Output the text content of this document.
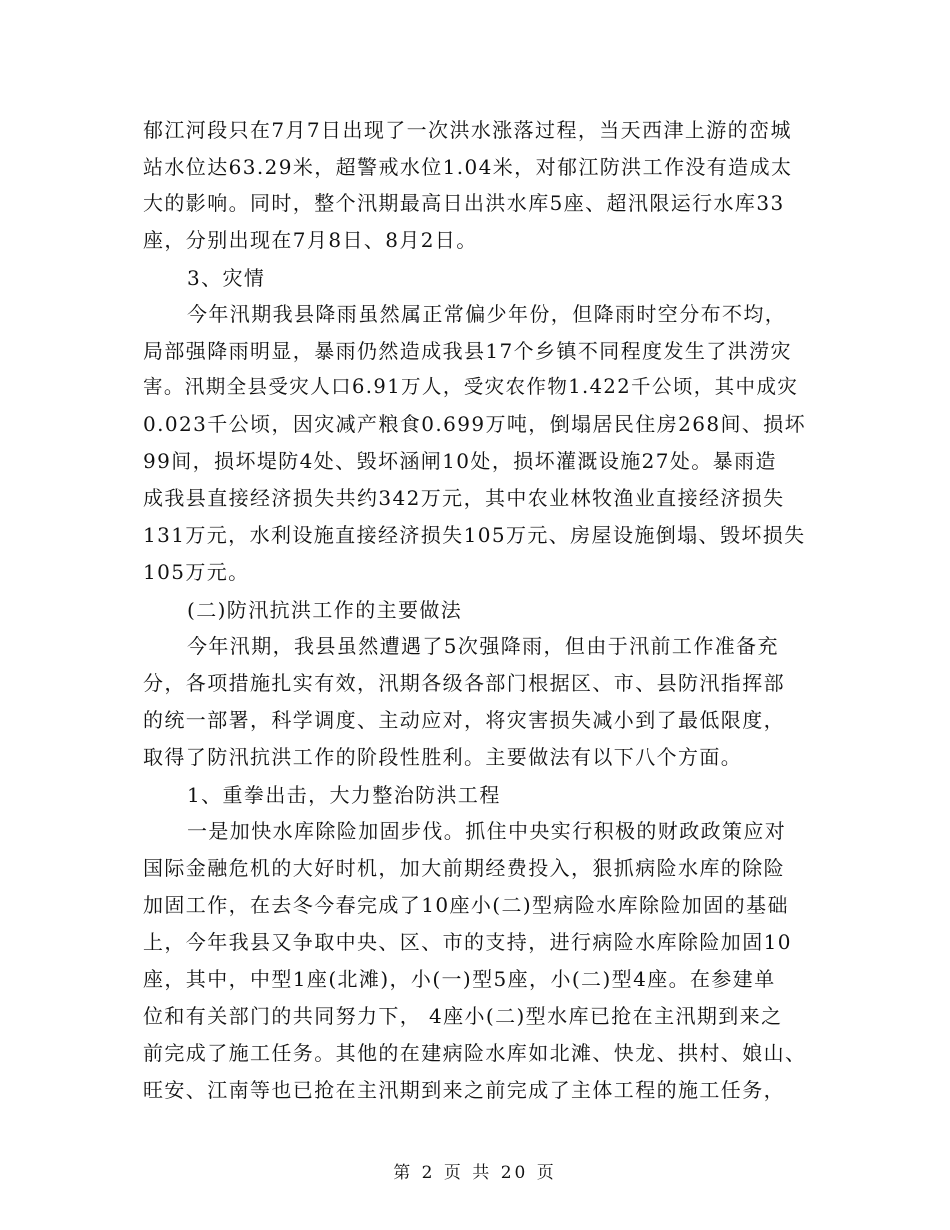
郁江河段只在7月7日出现了一次洪水涨落过程，当天西津上游的峦城

站水位达63.29米，超警戒水位1.04米，对郁江防洪工作没有造成太

大的影响。同时，整个汛期最高日出洪水库5座、超汛限运行水库33

座，分别出现在7月8日、8月2日。

3、灾情

今年汛期我县降雨虽然属正常偏少年份，但降雨时空分布不均，

局部强降雨明显，暴雨仍然造成我县17个乡镇不同程度发生了洪涝灾

害。汛期全县受灾人口6.91万人，受灾农作物1.422千公顷，其中成灾

0.023千公顷，因灾减产粮食0.699万吨，倒塌居民住房268间、损坏

99间，损坏堤防4处、毁坏涵闸10处，损坏灌溉设施27处。暴雨造

成我县直接经济损失共约342万元，其中农业林牧渔业直接经济损失

131万元，水利设施直接经济损失105万元、房屋设施倒塌、毁坏损失

105万元。

(二)防汛抗洪工作的主要做法

今年汛期，我县虽然遭遇了5次强降雨，但由于汛前工作准备充

分，各项措施扎实有效，汛期各级各部门根据区、市、县防汛指挥部

的统一部署，科学调度、主动应对，将灾害损失减小到了最低限度，

取得了防汛抗洪工作的阶段性胜利。主要做法有以下八个方面。

1、重拳出击，大力整治防洪工程

一是加快水库除险加固步伐。抓住中央实行积极的财政政策应对

国际金融危机的大好时机，加大前期经费投入，狠抓病险水库的除险

加固工作，在去冬今春完成了10座小(二)型病险水库除险加固的基础

上，今年我县又争取中央、区、市的支持，进行病险水库除险加固10

座，其中，中型1座(北滩)，小(一)型5座，小(二)型4座。在参建单

位和有关部门的共同努力下， 4座小(二)型水库已抢在主汛期到来之

前完成了施工任务。其他的在建病险水库如北滩、快龙、拱村、娘山、

旺安、江南等也已抢在主汛期到来之前完成了主体工程的施工任务，

第 2 页 共 20 页
